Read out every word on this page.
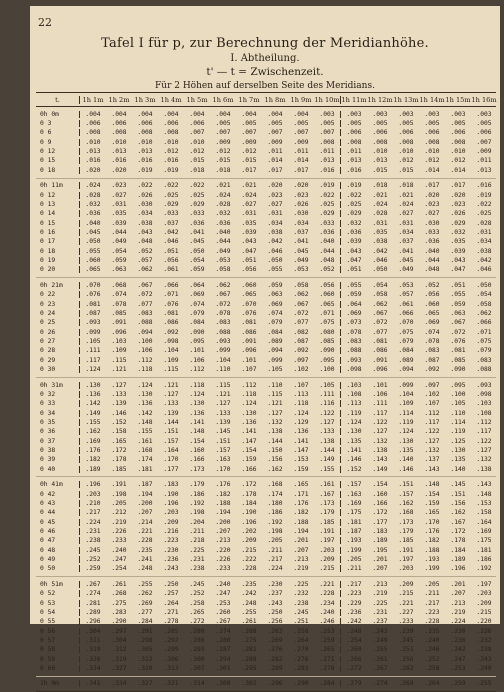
22
Tafel I für p, zur Berechnung der Meridianhöhe.
I. Abtheilung.
t' — t = Zwischenzeit.
Für 2 Höhen auf derselben Seite des Meridians.
t.	1h 1m 1h 2m 1h 3m 1h 4m 1h 5m 1h 6m 1h 7m 1h 8m 1h 9m 1h 10m 1h 11m 1h 12m 1h 13m 1h 14m 1h 15m 1h 16m
0h 0m	.004	.004	.004	.004	.004	.004	.004	.004	.004	.003	.003	.003	.003	.003	.003	.003
0 3	.006	.006	.006	.006	.006	.005	.005	.005	.005	.005	.005	.005	.005	.005	.005	.005
0 6	.008	.008	.008	.008	.007	.007	.007	.007	.007	.007	.006	.006	.006	.006	.006	.006
0 9	.010	.010	.010	.010	.010	.009	.009	.009	.009	.008	.008	.008	.008	.008	.008	.007
0 12	.013	.013	.013	.012	.012	.012	.012	.011	.011	.011	.011	.010	.010	.010	.010	.009
0 15	.016	.016	.016	.016	.015	.015	.015	.014	.014	.013	.013	.013	.012	.012	.012	.011
0 18	.020	.020	.019	.019	.018	.018	.017	.017	.017	.016	.016	.015	.015	.014	.014	.013
0h 11m	.024	.023	.022	.022	.022	.021	.021	.020	.020	.019	.019	.018	.018	.017	.017	.016
0 12	.028	.027	.026	.025	.025	.024	.024	.023	.023	.022	.022	.021	.021	.020	.020	.019
0 13	.032	.031	.030	.029	.029	.028	.027	.027	.026	.025	.025	.024	.024	.023	.023	.022
0 14	.036	.035	.034	.033	.033	.032	.031	.031	.030	.029	.029	.028	.027	.027	.026	.025
0 15	.040	.039	.038	.037	.036	.036	.035	.034	.034	.033	.032	.031	.031	.030	.029	.028
0 16	.045	.044	.043	.042	.041	.040	.039	.038	.037	.036	.036	.035	.034	.033	.032	.031
0 17	.050	.049	.048	.046	.045	.044	.043	.042	.041	.040	.039	.038	.037	.036	.035	.034
0 18	.055	.054	.052	.051	.050	.049	.047	.046	.045	.044	.043	.042	.041	.040	.039	.038
0 19	.060	.059	.057	.056	.054	.053	.051	.050	.049	.048	.047	.046	.045	.044	.043	.042
0 20	.065	.063	.062	.061	.059	.058	.056	.055	.053	.052	.051	.050	.049	.048	.047	.046
0h 21m	.070	.068	.067	.066	.064	.062	.060	.059	.058	.056	.055	.054	.053	.052	.051	.050
0 22	.076	.074	.072	.071	.069	.067	.065	.063	.062	.060	.059	.058	.057	.056	.055	.054
0 23	.081	.078	.077	.076	.074	.072	.070	.069	.067	.065	.064	.062	.061	.060	.059	.058
0 24	.087	.085	.083	.081	.079	.078	.076	.074	.072	.071	.069	.067	.066	.065	.063	.062
0 25	.093	.091	.088	.086	.084	.083	.081	.079	.077	.075	.073	.072	.070	.069	.067	.066
0 26	.099	.096	.094	.092	.090	.088	.086	.084	.082	.080	.078	.077	.075	.074	.072	.071
0 27	.105	.103	.100	.098	.095	.093	.091	.089	.087	.085	.083	.081	.079	.078	.076	.075
0 28	.111	.109	.106	.104	.101	.099	.096	.094	.092	.090	.088	.086	.084	.083	.081	.079
0 29	.117	.115	.112	.109	.106	.104	.101	.099	.097	.095	.093	.091	.089	.087	.085	.083
0 30	.124	.121	.118	.115	.112	.110	.107	.105	.102	.100	.098	.096	.094	.092	.090	.088
0h 31m	.130	.127	.124	.121	.118	.115	.112	.110	.107	.105	.103	.101	.099	.097	.095	.093
0 32	.136	.133	.130	.127	.124	.121	.118	.115	.113	.111	.108	.106	.104	.102	.100	.098
0 33	.142	.139	.136	.133	.130	.127	.124	.121	.118	.116	.113	.111	.109	.107	.105	.103
0 34	.149	.146	.142	.139	.136	.133	.130	.127	.124	.122	.119	.117	.114	.112	.110	.108
0 35	.155	.152	.148	.144	.141	.139	.136	.132	.129	.127	.124	.122	.119	.117	.114	.112
0 36	.162	.158	.155	.151	.148	.145	.141	.138	.136	.133	.130	.127	.124	.122	.119	.117
0 37	.169	.165	.161	.157	.154	.151	.147	.144	.141	.138	.135	.132	.130	.127	.125	.122
0 38	.176	.172	.168	.164	.160	.157	.154	.150	.147	.144	.141	.138	.135	.132	.130	.127
0 39	.182	.178	.174	.170	.166	.163	.159	.156	.153	.149	.146	.143	.140	.137	.135	.132
0 40	.189	.185	.181	.177	.173	.170	.166	.162	.159	.155	.152	.149	.146	.143	.140	.138
0h 41m	.196	.191	.187	.183	.179	.176	.172	.168	.165	.161	.157	.154	.151	.148	.145	.143
0 42	.203	.198	.194	.190	.186	.182	.178	.174	.171	.167	.163	.160	.157	.154	.151	.148
0 43	.210	.205	.200	.196	.192	.188	.184	.180	.176	.173	.169	.166	.162	.159	.156	.153
0 44	.217	.212	.207	.203	.198	.194	.190	.186	.182	.179	.175	.172	.168	.165	.162	.158
0 45	.224	.219	.214	.209	.204	.200	.196	.192	.188	.185	.181	.177	.173	.170	.167	.164
0 46	.231	.226	.221	.216	.211	.207	.202	.198	.194	.191	.187	.183	.179	.176	.172	.169
0 47	.238	.233	.228	.223	.218	.213	.209	.205	.201	.197	.193	.189	.185	.182	.178	.175
0 48	.245	.240	.235	.230	.225	.220	.215	.211	.207	.203	.199	.195	.191	.188	.184	.181
0 49	.252	.247	.241	.236	.231	.226	.222	.217	.213	.209	.205	.201	.197	.193	.189	.186
0 50	.259	.254	.248	.243	.238	.233	.228	.224	.219	.215	.211	.207	.203	.199	.196	.192
0h 51m	.267	.261	.255	.250	.245	.240	.235	.230	.225	.221	.217	.213	.209	.205	.201	.197
0 52	.274	.268	.262	.257	.252	.247	.242	.237	.232	.228	.223	.219	.215	.211	.207	.203
0 53	.281	.275	.269	.264	.258	.253	.248	.243	.238	.234	.229	.225	.221	.217	.213	.209
0 54	.289	.283	.277	.271	.265	.260	.255	.250	.245	.240	.236	.231	.227	.223	.219	.215
0 55	.296	.290	.284	.278	.272	.267	.261	.256	.251	.246	.242	.237	.233	.228	.224	.220
0 56	.304	.297	.291	.285	.280	.274	.268	.263	.258	.253	.248	.243	.239	.235	.230	.226
0 57	.311	.304	.298	.292	.286	.280	.275	.269	.264	.259	.254	.249	.245	.240	.236	.232
0 58	.319	.312	.305	.299	.293	.287	.281	.276	.270	.265	.260	.255	.251	.246	.242	.238
0 59	.326	.319	.312	.306	.300	.294	.288	.282	.276	.271	.266	.261	.256	.252	.247	.243
0 60	.334	.327	.320	.313	.307	.301	.295	.289	.283	.278	.272	.267	.262	.258	.253	.249
1h 0m	.341	.334	.327	.321	.314	.308	.302	.296	.290	.284	.279	.274	.269	.264	.259	.255
